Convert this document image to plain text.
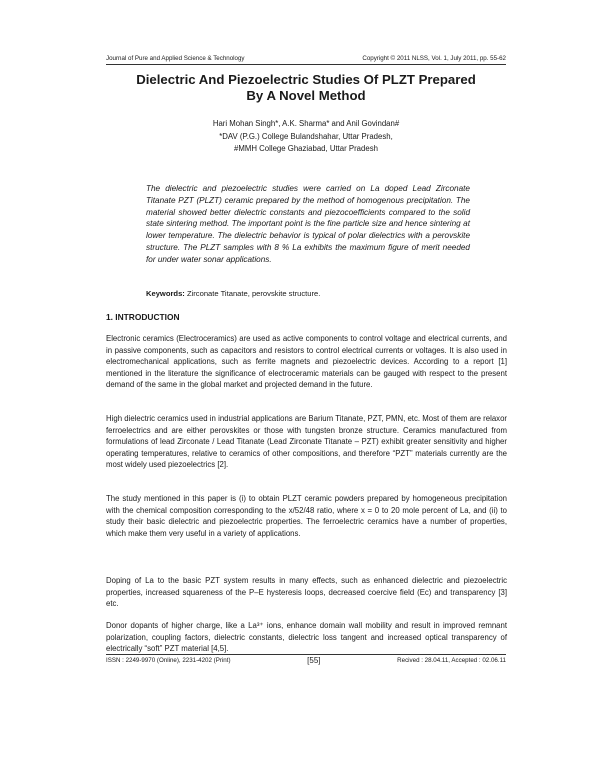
Journal of Pure and Applied Science & Technology	Copyright © 2011 NLSS, Vol. 1, July 2011, pp. 55-62
Dielectric And Piezoelectric Studies Of PLZT Prepared
By A Novel Method
Hari Mohan Singh*, A.K. Sharma* and Anil Govindan#
*DAV (P.G.) College Bulandshahar, Uttar Pradesh,
#MMH College Ghaziabad, Uttar Pradesh
The dielectric and piezoelectric studies were carried on La doped Lead Zirconate Titanate PZT (PLZT) ceramic prepared by the method of homogenous precipitation. The material showed better dielectric constants and piezocoefficients compared to the solid state sintering method. The important point is the fine particle size and hence sintering at lower temperature. The dielectric behavior is typical of polar dielectrics with a perovskite structure. The PLZT samples with 8 % La exhibits the maximum figure of merit needed for under water sonar applications.
Keywords: Zirconate Titanate, perovskite structure.
1. INTRODUCTION
Electronic ceramics (Electroceramics) are used as active components to control voltage and electrical currents, and in passive components, such as capacitors and resistors to control electrical currents or voltages. It is also used in electromechanical applications, such as ferrite magnets and piezoelectric devices. According to a report [1] mentioned in the literature the significance of electroceramic materials can be gauged with respect to the present demand of the same in the global market and projected demand in the future.
High dielectric ceramics used in industrial applications are Barium Titanate, PZT, PMN, etc. Most of them are relaxor ferroelectrics and are either perovskites or those with tungsten bronze structure. Ceramics manufactured from formulations of lead Zirconate / Lead Titanate (Lead Zirconate Titanate – PZT) exhibit greater sensitivity and higher operating temperatures, relative to ceramics of other compositions, and therefore “PZT” materials currently are the most widely used piezoelectrics [2].
The study mentioned in this paper is (i) to obtain PLZT ceramic powders prepared by homogeneous precipitation with the chemical composition corresponding to the x/52/48 ratio, where x = 0 to 20 mole percent of La, and (ii) to study their basic dielectric and piezoelectric properties. The ferroelectric ceramics have a number of properties, which make them very useful in a variety of applications.
Doping of La to the basic PZT system results in many effects, such as enhanced dielectric and piezoelectric properties, increased squareness of the P–E hysteresis loops, decreased coercive field (Ec) and transparency [3] etc.
Donor dopants of higher charge, like a La³⁺ ions, enhance domain wall mobility and result in improved remnant polarization, coupling factors, dielectric constants, dielectric loss tangent and increased optical transparency of electrically “soft” PZT material [4,5].
ISSN : 2249-9970 (Online), 2231-4202 (Print)	[55]	Recived : 28.04.11, Accepted : 02.06.11
